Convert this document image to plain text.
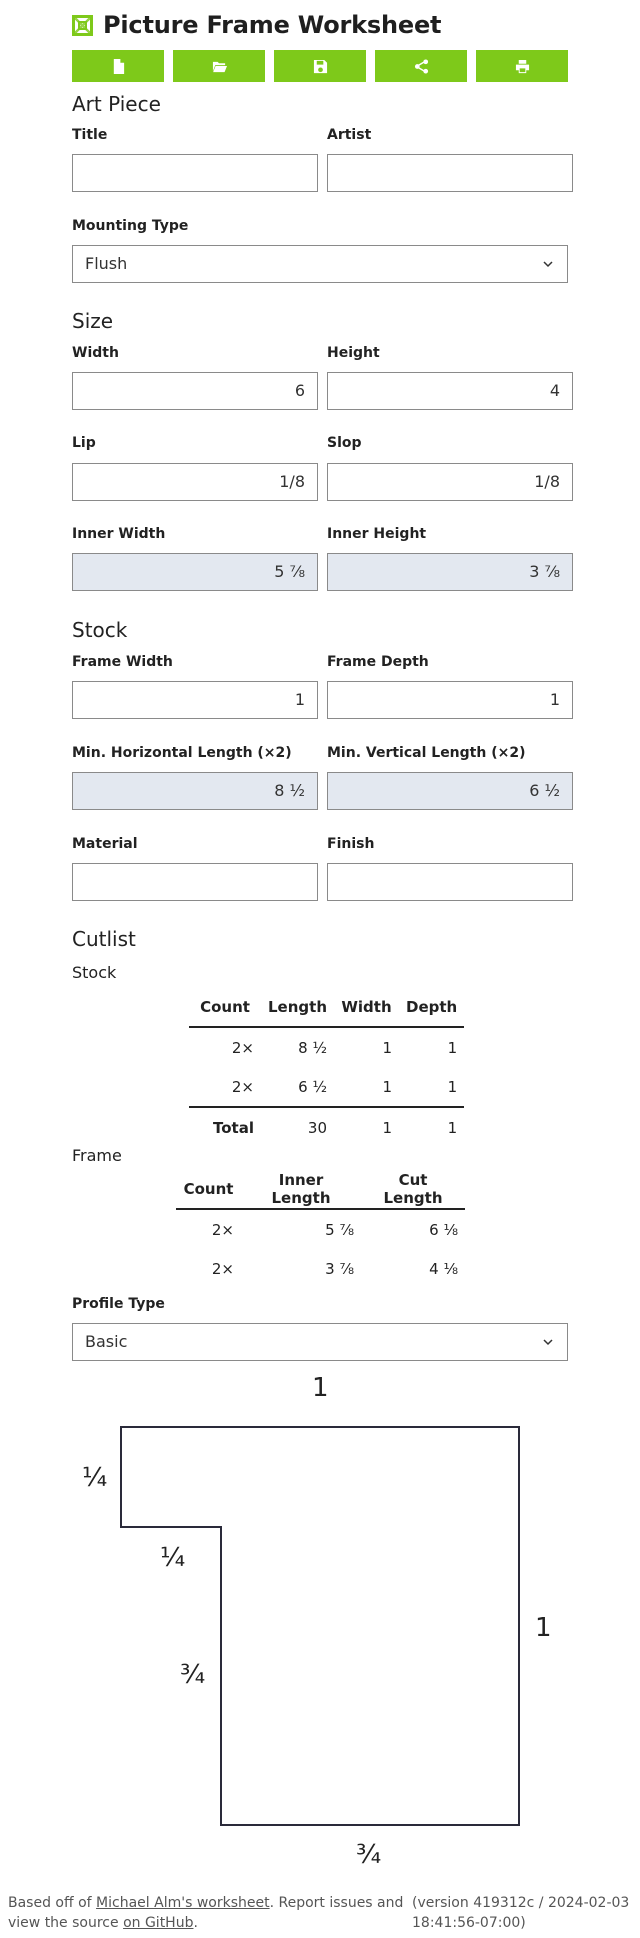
Picture Frame Worksheet
Art Piece
Title	Artist
Mounting Type
Flush
Size
Width	Height
6	4
Lip	Slop
1/8	1/8
Inner Width	Inner Height
5 ⅞	3 ⅞
Stock
Frame Width	Frame Depth
1	1
Min. Horizontal Length (×2)	Min. Vertical Length (×2)
8 ½	6 ½
Material	Finish
Cutlist
Stock
Count	Length	Width	Depth
2×	8 ½	1	1
2×	6 ½	1	1
Total	30	1	1
Frame
Count	Inner Length	Cut Length
2×	5 ⅞	6 ⅛
2×	3 ⅞	4 ⅛
Profile Type
Basic
1
¼
¼
¾
1
¾
Based off of Michael Alm's worksheet. Report issues and view the source on GitHub.
(version 419312c / 2024-02-03 18:41:56-07:00)
